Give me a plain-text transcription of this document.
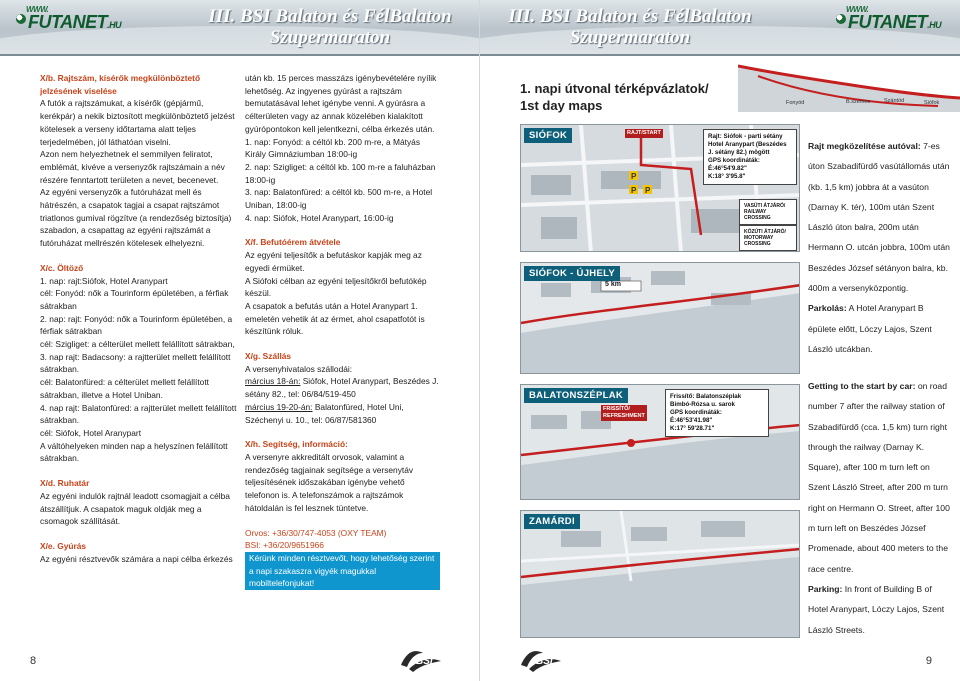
WWW.
FUTANET.HU	III. BSI Balaton és FélBalaton
Szupermaraton

X/b. Rajtszám, kísérők megkülönböztető jelzésének viselése

A futók a rajtszámukat, a kísérők (gépjármű, kerékpár) a nekik biztosított megkülönböztető jelzést kötelesek a verseny időtartama alatt teljes terjedelmében, jól láthatóan viselni.

Azon nem helyezhetnek el semmilyen feliratot, emblémát, kivéve a versenyzők rajtszámain a név részére fenntartott területen a nevet, becenevet.

Az egyéni versenyzők a futóruházat mell és hátrészén, a csapatok tagjai a csapat rajtszámot triatlonos gumival rögzítve (a rendezőség biztosítja) szabadon, a csapattag az egyéni rajtszámát a futóruházat mellrészén kötelesek elhelyezni.

X/c. Öltöző

1. nap: rajt:Siófok, Hotel Aranypart

cél: Fonyód: nők a Tourinform épületében, a férfiak sátrakban

2. nap: rajt: Fonyód: nők a Tourinform épületében, a férfiak sátrakban

cél: Szigliget: a célterület mellett felállított sátrakban,

3. nap rajt: Badacsony: a rajtterület mellett felállított sátrakban.

cél: Balatonfüred: a célterület mellett felállított sátrakban, illetve a Hotel Uniban.

4. nap rajt: Balatonfüred: a rajtterület mellett felállított sátrakban.

cél: Siófok, Hotel Aranypart

A váltóhelyeken minden nap a helyszínen felállított sátrakban.

X/d. Ruhatár

Az egyéni indulók rajtnál leadott csomagjait a célba átszállítjuk. A csapatok maguk oldják meg a csomagok szállítását.

X/e. Gyúrás

Az egyéni résztvevők számára a napi célba érkezés

után kb. 15 perces masszázs igénybevételére nyílik lehetőség. Az ingyenes gyúrást a rajtszám bemutatásával lehet igénybe venni. A gyúrásra a célterületen vagy az annak közelében kialakított gyúrópontokon kell jelentkezni, célba érkezés után.

1. nap: Fonyód: a céltól kb. 200 m-re, a Mátyás Király Gimnáziumban 18:00-ig

2. nap: Szigliget: a céltól kb. 100 m-re a faluházban 18:00-ig

3. nap: Balatonfüred: a céltól kb. 500 m-re, a Hotel Uniban, 18:00-ig

4. nap: Siófok, Hotel Aranypart, 16:00-ig

X/f. Befutóérem átvétele

Az egyéni teljesítők a befutáskor kapják meg az egyedi érmüket.

A Siófoki célban az egyéni teljesítőkről befutókép készül.

A csapatok a befutás után a Hotel Aranypart 1. emeletén vehetik át az érmet, ahol csapatfotót is készítünk róluk.

X/g. Szállás

A versenyhivatalos szállodái:

március 18-án: Siófok, Hotel Aranypart, Beszédes J. sétány 82., tel: 06/84/519-450

március 19-20-án: Balatonfüred, Hotel Uni, Széchenyi u. 10., tel: 06/87/581360

X/h. Segítség, információ:

A versenyre akkreditált orvosok, valamint a rendezőség tagjainak segítsége a versenytáv teljesítésének időszakában igénybe vehető telefonon is. A telefonszámok a rajtszámok hátoldalán is fel lesznek tüntetve.

Orvos: +36/30/747-4053 (OXY TEAM)

BSI: +36/20/9651966

Kérünk minden résztvevőt, hogy lehetőség szerint a napi szakaszra vigyék magukkal mobiltelefonjukat!

8	BSI
III. BSI Balaton és FélBalaton
Szupermaraton
WWW.
FUTANET.HU
9
BSI
Fonyód	B.szemes	Szántód	Siófok
1. napi útvonal térképvázlatok/
1st day maps
P
P
P
SIÓFOK	RAJT/START	Rajt: Siófok - parti sétány
Hotel Aranypart (Beszédes
J. sétány 82.) mögött
GPS koordináták:
É:46°54'9.82"
K:18° 3'95.8"
VASÚTI ÁTJÁRÓ/ RAILWAY CROSSING
KÖZÚTI ÁTJÁRÓ/ MOTORWAY CROSSING
SIÓFOK - ÚJHELY
5 km
BALATONSZÉPLAK
FRISSÍTŐ/ REFRESHMENT
Frissítő: Balatonszéplak
Bimbó-Rózsa u. sarok
GPS koordináták:
É:46°53'41.98"
K:17° 59'28.71"
ZAMÁRDI
Rajt megközelítése autóval: 7-es úton Szabadifürdő vasútállomás után (kb. 1,5 km) jobbra át a vasúton (Darnay K. tér), 100m után Szent László úton balra, 200m után Hermann O. utcán jobbra, 100m után Beszédes József sétányon balra, kb. 400m a versenyközpontig.
Parkolás: A Hotel Aranypart B épülete előtt, Lóczy Lajos, Szent László utcákban.
Getting to the start by car: on road number 7 after the railway station of Szabadifürdő (cca. 1,5 km) turn right through the railway (Darnay K. Square), after 100 m turn left on Szent László Street, after 200 m turn right on Hermann O. Street, after 100 m turn left on Beszédes József Promenade, about 400 meters to the race centre.
Parking: In front of Building B of Hotel Aranypart, Lóczy Lajos, Szent László Streets.
